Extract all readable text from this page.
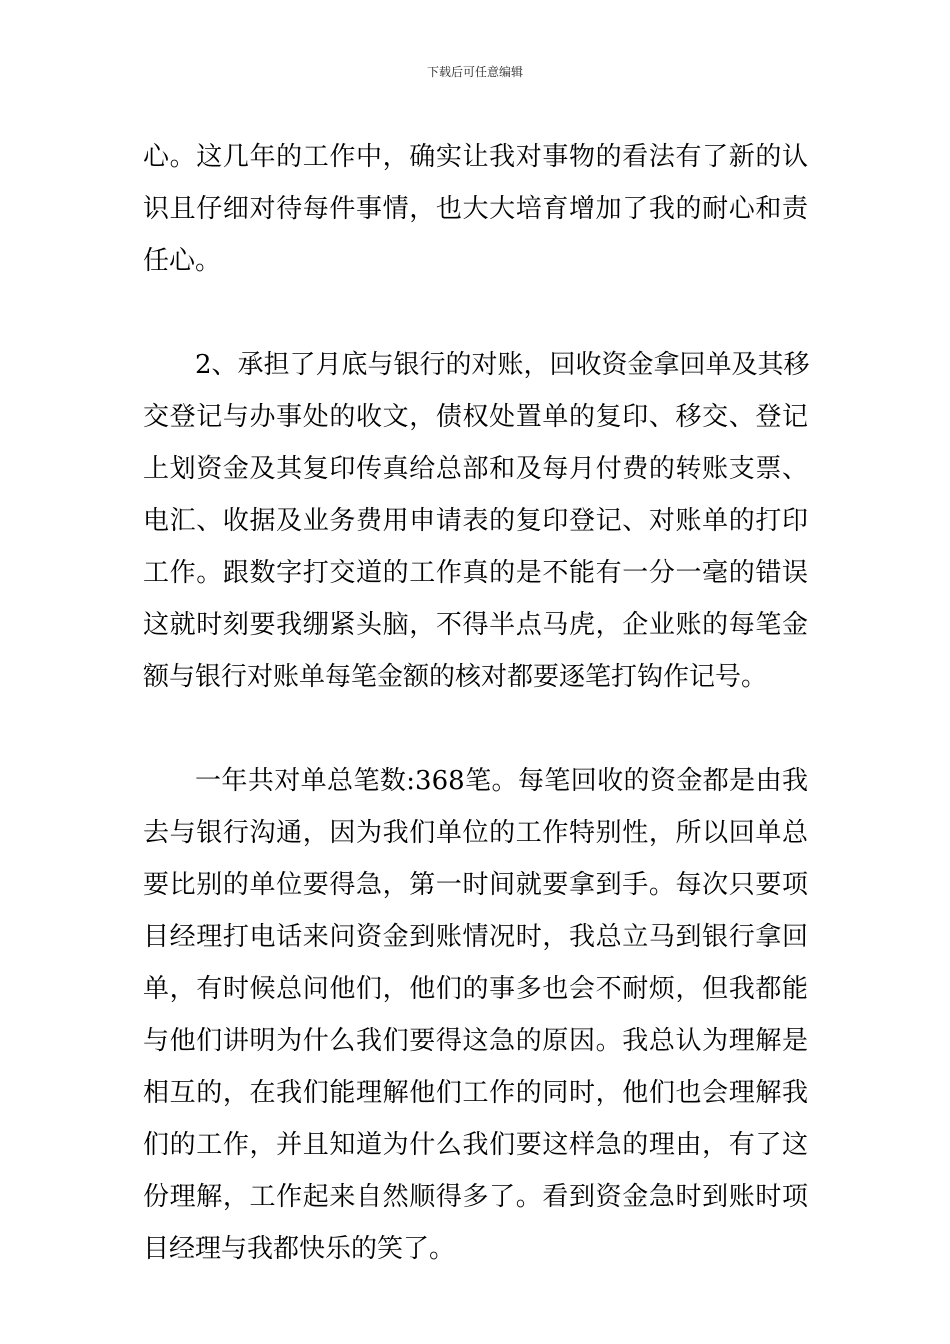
下载后可任意编辑
心。这几年的工作中，确实让我对事物的看法有了新的认
识且仔细对待每件事情，也大大培育增加了我的耐心和责
任心。
2、承担了月底与银行的对账，回收资金拿回单及其移
交登记与办事处的收文，债权处置单的复印、移交、登记
上划资金及其复印传真给总部和及每月付费的转账支票、
电汇、收据及业务费用申请表的复印登记、对账单的打印
工作。跟数字打交道的工作真的是不能有一分一毫的错误
这就时刻要我绷紧头脑，不得半点马虎，企业账的每笔金
额与银行对账单每笔金额的核对都要逐笔打钩作记号。
一年共对单总笔数:368笔。每笔回收的资金都是由我
去与银行沟通，因为我们单位的工作特别性，所以回单总
要比别的单位要得急，第一时间就要拿到手。每次只要项
目经理打电话来问资金到账情况时，我总立马到银行拿回
单，有时候总问他们，他们的事多也会不耐烦，但我都能
与他们讲明为什么我们要得这急的原因。我总认为理解是
相互的，在我们能理解他们工作的同时，他们也会理解我
们的工作，并且知道为什么我们要这样急的理由，有了这
份理解，工作起来自然顺得多了。看到资金急时到账时项
目经理与我都快乐的笑了。
